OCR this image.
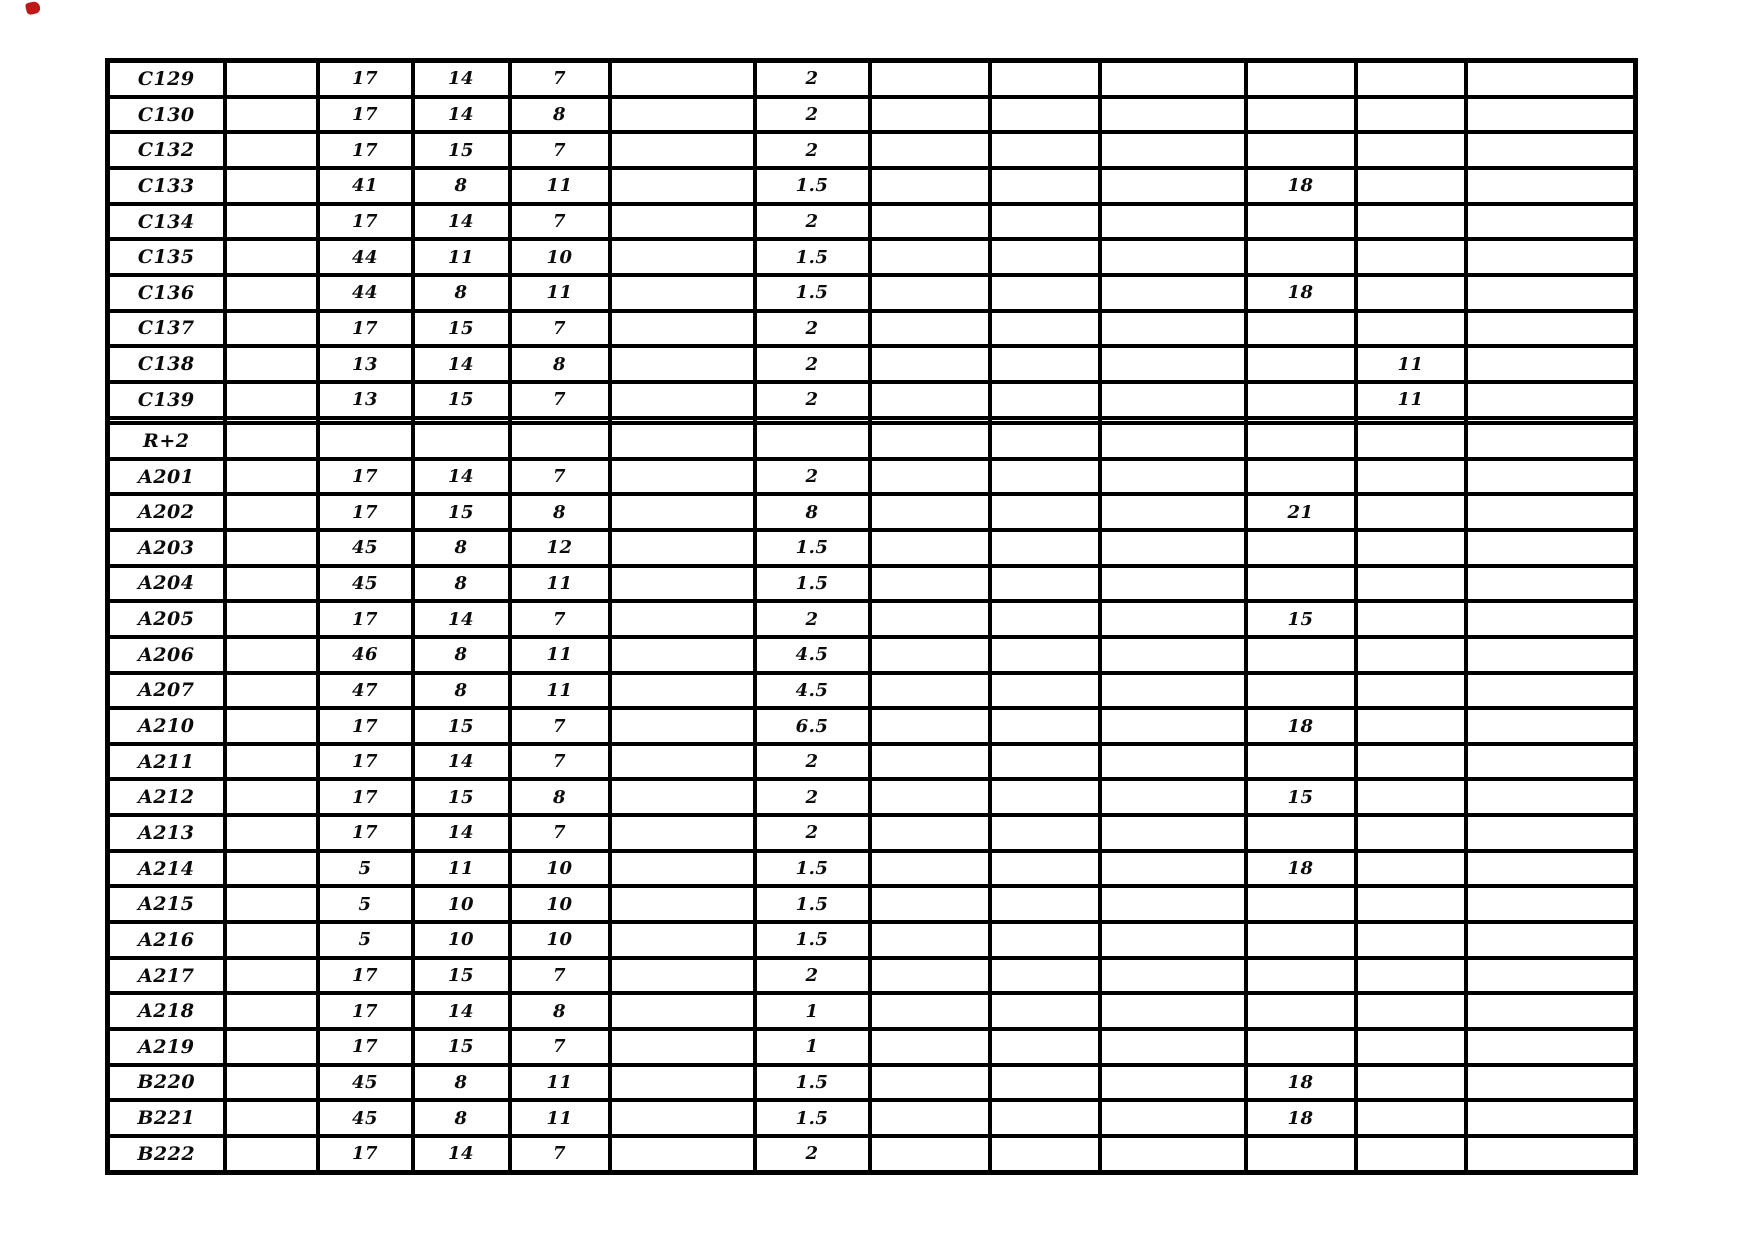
C129		17	14	7		2						
C130		17	14	8		2						
C132		17	15	7		2						
C133		41	8	11		1.5				18		
C134		17	14	7		2						
C135		44	11	10		1.5						
C136		44	8	11		1.5				18		
C137		17	15	7		2						
C138		13	14	8		2					11	
C139		13	15	7		2					11	

R+2												
A201		17	14	7		2						
A202		17	15	8		8				21		
A203		45	8	12		1.5						
A204		45	8	11		1.5						
A205		17	14	7		2				15		
A206		46	8	11		4.5						
A207		47	8	11		4.5						
A210		17	15	7		6.5				18		
A211		17	14	7		2						
A212		17	15	8		2				15		
A213		17	14	7		2						
A214		5	11	10		1.5				18		
A215		5	10	10		1.5						
A216		5	10	10		1.5						
A217		17	15	7		2						
A218		17	14	8		1						
A219		17	15	7		1						
B220		45	8	11		1.5				18		
B221		45	8	11		1.5				18		
B222		17	14	7		2						
